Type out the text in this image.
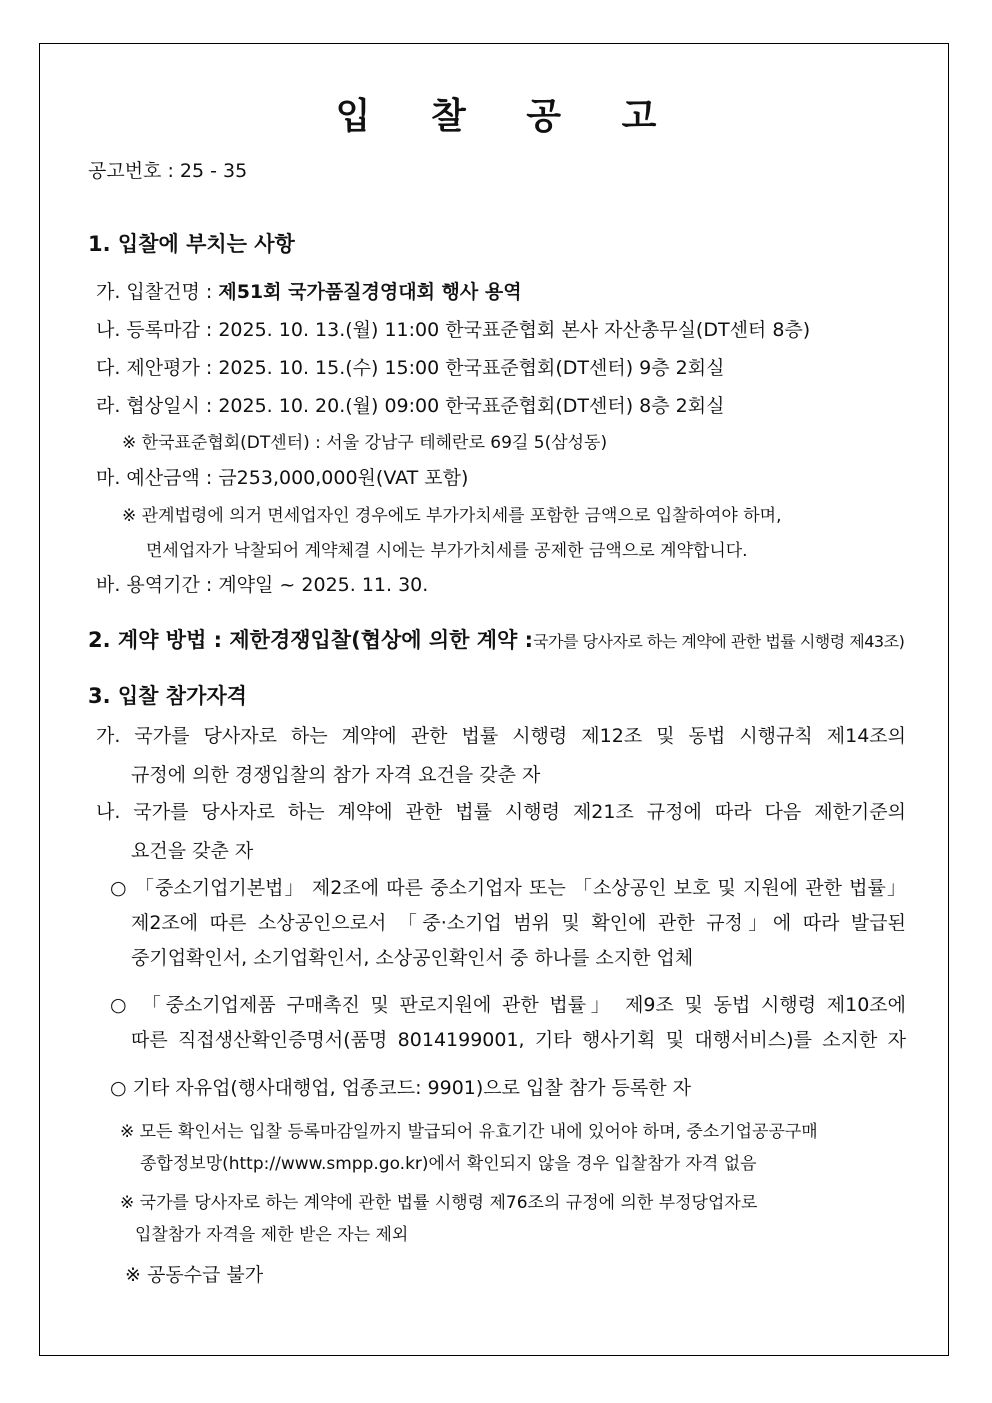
입 찰 공 고
공고번호 : 25 - 35
1. 입찰에 부치는 사항
가. 입찰건명 : 제51회 국가품질경영대회 행사 용역
나. 등록마감 : 2025. 10. 13.(월) 11:00 한국표준협회 본사 자산총무실(DT센터 8층)
다. 제안평가 : 2025. 10. 15.(수) 15:00 한국표준협회(DT센터) 9층 2회실
라. 협상일시 : 2025. 10. 20.(월) 09:00 한국표준협회(DT센터) 8층 2회실
※ 한국표준협회(DT센터) : 서울 강남구 테헤란로 69길 5(삼성동)
마. 예산금액 : 금253,000,000원(VAT 포함)
※ 관계법령에 의거 면세업자인 경우에도 부가가치세를 포함한 금액으로 입찰하여야 하며,
면세업자가 낙찰되어 계약체결 시에는 부가가치세를 공제한 금액으로 계약합니다.
바. 용역기간 : 계약일 ~ 2025. 11. 30.
2. 계약 방법 : 제한경쟁입찰(협상에 의한 계약 :국가를 당사자로 하는 계약에 관한 법률 시행령 제43조)
3. 입찰 참가자격
가. 국가를 당사자로 하는 계약에 관한 법률 시행령 제12조 및 동법 시행규칙 제14조의
규정에 의한 경쟁입찰의 참가 자격 요건을 갖춘 자
나. 국가를 당사자로 하는 계약에 관한 법률 시행령 제21조 규정에 따라 다음 제한기준의
요건을 갖춘 자
○ 「중소기업기본법」 제2조에 따른 중소기업자 또는 「소상공인 보호 및 지원에 관한 법률」
제2조에 따른 소상공인으로서 「중·소기업 범위 및 확인에 관한 규정」에 따라 발급된
중기업확인서, 소기업확인서, 소상공인확인서 중 하나를 소지한 업체
○ 「중소기업제품 구매촉진 및 판로지원에 관한 법률」 제9조 및 동법 시행령 제10조에
따른 직접생산확인증명서(품명 8014199001, 기타 행사기획 및 대행서비스)를 소지한 자
○ 기타 자유업(행사대행업, 업종코드: 9901)으로 입찰 참가 등록한 자
※ 모든 확인서는 입찰 등록마감일까지 발급되어 유효기간 내에 있어야 하며, 중소기업공공구매
종합정보망(http://www.smpp.go.kr)에서 확인되지 않을 경우 입찰참가 자격 없음
※ 국가를 당사자로 하는 계약에 관한 법률 시행령 제76조의 규정에 의한 부정당업자로
입찰참가 자격을 제한 받은 자는 제외
※ 공동수급 불가
